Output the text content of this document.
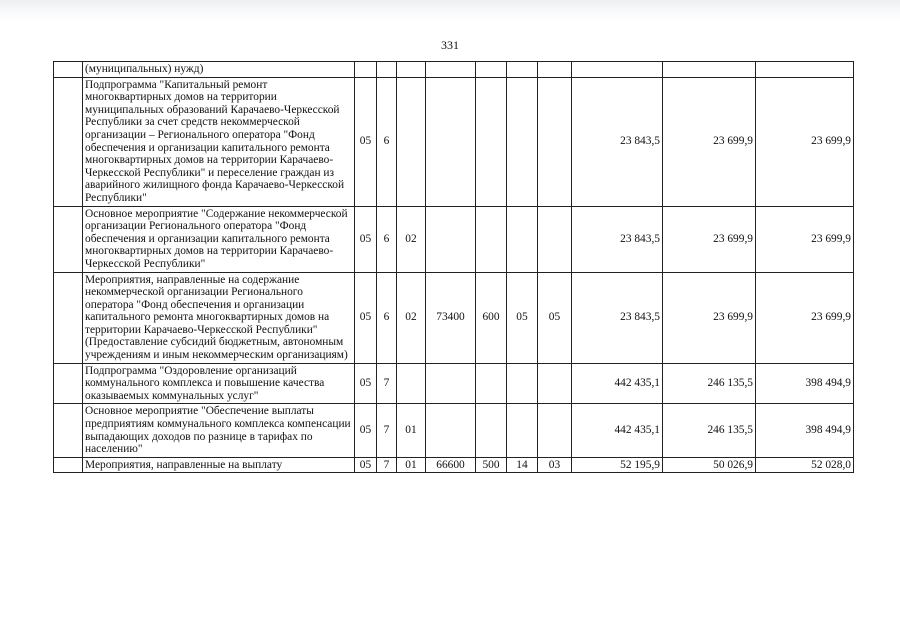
331
	(муниципальных) нужд)										
	Подпрограмма "Капитальный ремонт многоквартирных домов на территории муниципальных образований Карачаево-Черкесской Республики за счет средств некоммерческой организации – Регионального оператора "Фонд обеспечения и организации капитального ремонта многоквартирных домов на территории Карачаево-Черкесской Республики" и переселение граждан из аварийного жилищного фонда Карачаево-Черкесской Республики"	05	6						23 843,5	23 699,9	23 699,9
	Основное мероприятие "Содержание некоммерческой организации Регионального оператора "Фонд обеспечения и организации капитального ремонта многоквартирных домов на территории Карачаево-Черкесской Республики"	05	6	02					23 843,5	23 699,9	23 699,9
	Мероприятия, направленные на содержание некоммерческой организации Регионального оператора "Фонд обеспечения и организации капитального ремонта многоквартирных домов на территории Карачаево-Черкесской Республики" (Предоставление субсидий бюджетным, автономным учреждениям и иным некоммерческим организациям)	05	6	02	73400	600	05	05	23 843,5	23 699,9	23 699,9
	Подпрограмма "Оздоровление организаций коммунального комплекса и повышение качества оказываемых коммунальных услуг"	05	7						442 435,1	246 135,5	398 494,9
	Основное мероприятие "Обеспечение выплаты предприятиям коммунального комплекса компенсации выпадающих доходов по разнице в тарифах по населению"	05	7	01					442 435,1	246 135,5	398 494,9
	Мероприятия, направленные на выплату	05	7	01	66600	500	14	03	52 195,9	50 026,9	52 028,0
